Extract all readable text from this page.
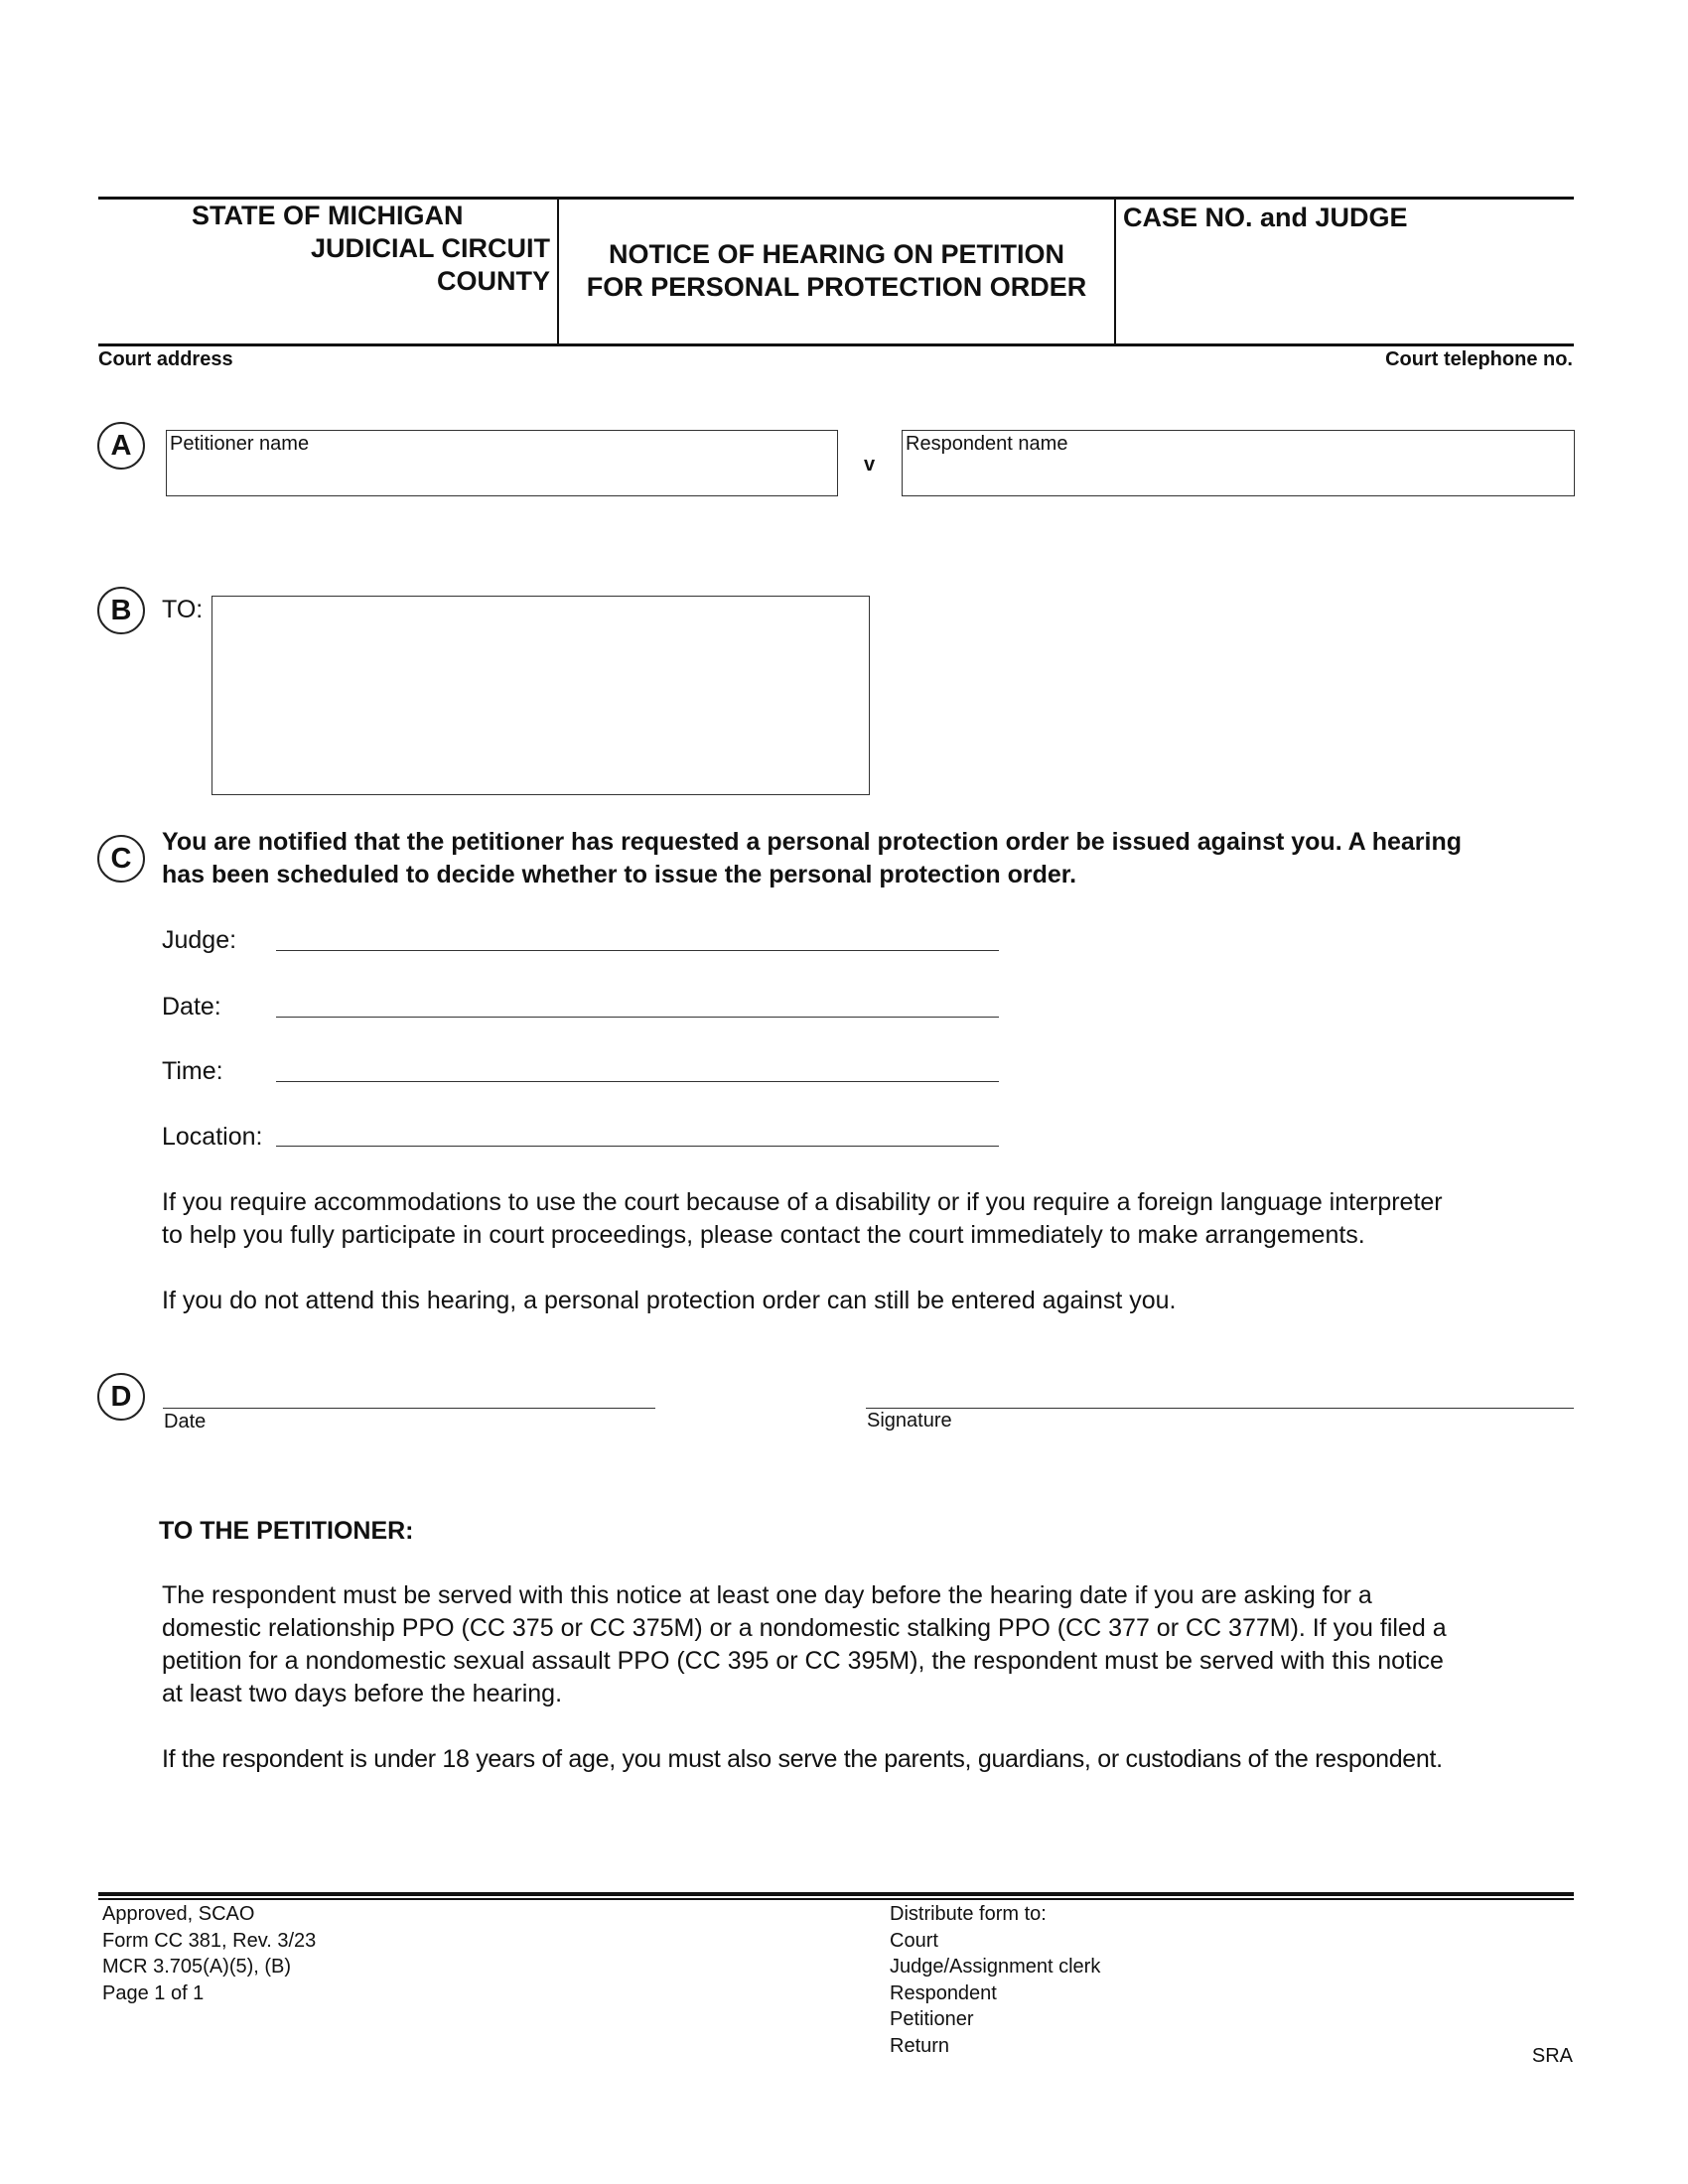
STATE OF MICHIGAN
JUDICIAL CIRCUIT
COUNTY
NOTICE OF HEARING ON PETITION
FOR PERSONAL PROTECTION ORDER
CASE NO. and JUDGE
Court address	Court telephone no.
A	Petitioner name
v
Respondent name
B	TO:
C
You are notified that the petitioner has requested a personal protection order be issued against you. A hearing
has been scheduled to decide whether to issue the personal protection order.
Judge:
Date:
Time:
Location:
If you require accommodations to use the court because of a disability or if you require a foreign language interpreter
to help you fully participate in court proceedings, please contact the court immediately to make arrangements.
If you do not attend this hearing, a personal protection order can still be entered against you.
D
Date	Signature
TO THE PETITIONER:
The respondent must be served with this notice at least one day before the hearing date if you are asking for a
domestic relationship PPO (CC 375 or CC 375M) or a nondomestic stalking PPO (CC 377 or CC 377M). If you filed a
petition for a nondomestic sexual assault PPO (CC 395 or CC 395M), the respondent must be served with this notice
at least two days before the hearing.
If the respondent is under 18 years of age, you must also serve the parents, guardians, or custodians of the respondent.
Approved, SCAO
Form CC 381, Rev. 3/23
MCR 3.705(A)(5), (B)
Page 1 of 1
Distribute form to:
Court
Judge/Assignment clerk
Respondent
Petitioner
Return	SRA
